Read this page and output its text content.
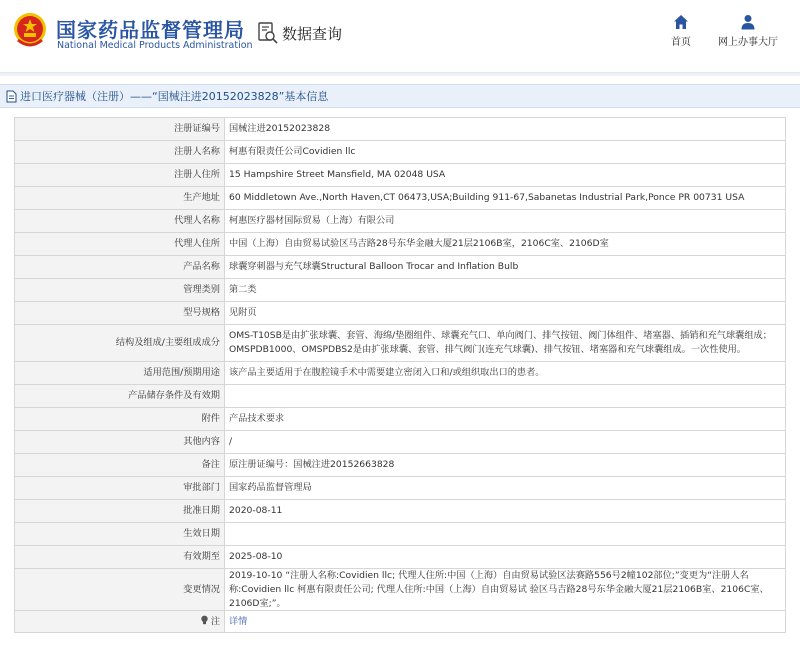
国家药品监督管理局
National Medical Products Administration
数据查询	首页	网上办事大厅
进口医疗器械（注册）——“国械注进20152023828”基本信息
注册证编号	国械注进20152023828
注册人名称	柯惠有限责任公司Covidien llc
注册人住所	15 Hampshire Street Mansfield, MA 02048 USA
生产地址	60 Middletown Ave.,North Haven,CT 06473,USA;Building 911-67,Sabanetas Industrial Park,Ponce PR 00731 USA
代理人名称	柯惠医疗器材国际贸易（上海）有限公司
代理人住所	中国（上海）自由贸易试验区马吉路28号东华金融大厦21层2106B室，2106C室、2106D室
产品名称	球囊穿刺器与充气球囊Structural Balloon Trocar and Inflation Bulb
管理类别	第二类
型号规格	见附页
结构及组成/主要组成成分	OMS-T10SB是由扩张球囊、套管、海绵/垫圈组件、球囊充气口、单向阀门、排气按钮、阀门体组件、堵塞器、插销和充气球囊组成；OMSPDB1000、OMSPDBS2是由扩张球囊、套管、排气阀门(连充气球囊)、排气按钮、堵塞器和充气球囊组成。一次性使用。
适用范围/预期用途	该产品主要适用于在腹腔镜手术中需要建立密闭入口和/或组织取出口的患者。
产品储存条件及有效期	
附件	产品技术要求
其他内容	/
备注	原注册证编号：国械注进20152663828
审批部门	国家药品监督管理局
批准日期	2020-08-11
生效日期	
有效期至	2025-08-10
变更情况	2019-10-10 “注册人名称:Covidien llc; 代理人住所:中国（上海）自由贸易试验区法赛路556号2幢102部位;”变更为“注册人名称:Covidien llc 柯惠有限责任公司; 代理人住所:中国（上海）自由贸易试 验区马吉路28号东华金融大厦21层2106B室、2106C室、2106D室;”。
注	详情
